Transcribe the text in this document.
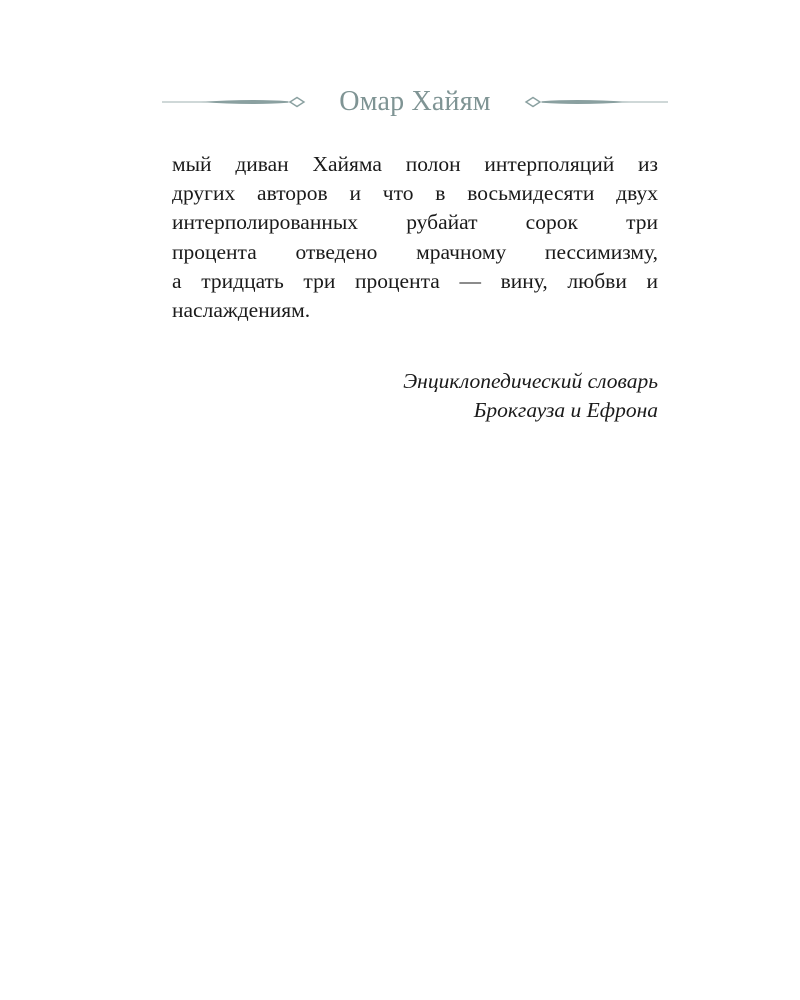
Омар Хайям
мый диван Хайяма полон интерполяций из
других авторов и что в восьмидесяти двух
интерполированных рубайат сорок три
процента отведено мрачному пессимизму,
а тридцать три процента — вину, любви и
наслаждениям.
Энциклопедический словарь
Брокгауза и Ефрона
